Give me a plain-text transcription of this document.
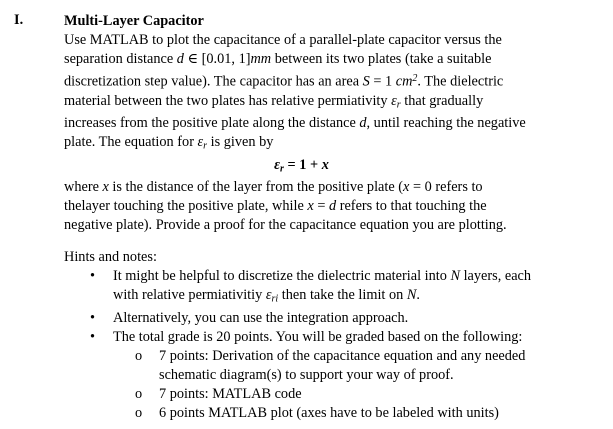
I.	Multi-Layer Capacitor
Use MATLAB to plot the capacitance of a parallel-plate capacitor versus the
separation distance d ∈ [0.01, 1]mm between its two plates (take a suitable
discretization step value). The capacitor has an area S = 1 $cm^2$. The dielectric
material between the two plates has relative permiativity εr that gradually
increases from the positive plate along the distance d, until reaching the negative
plate. The equation for εr is given by
εr = 1 + x
where x is the distance of the layer from the positive plate (x = 0 refers to
thelayer touching the positive plate, while x = d refers to that touching the
negative plate). Provide a proof for the capacitance equation you are plotting.
Hints and notes:
•	It might be helpful to discretize the dielectric material into N layers, each
with relative permiativitiy εri then take the limit on N.
•	Alternatively, you can use the integration approach.
•	The total grade is 20 points. You will be graded based on the following:
o	7 points: Derivation of the capacitance equation and any needed
schematic diagram(s) to support your way of proof.
o	7 points: MATLAB code
o	6 points MATLAB plot (axes have to be labeled with units)
